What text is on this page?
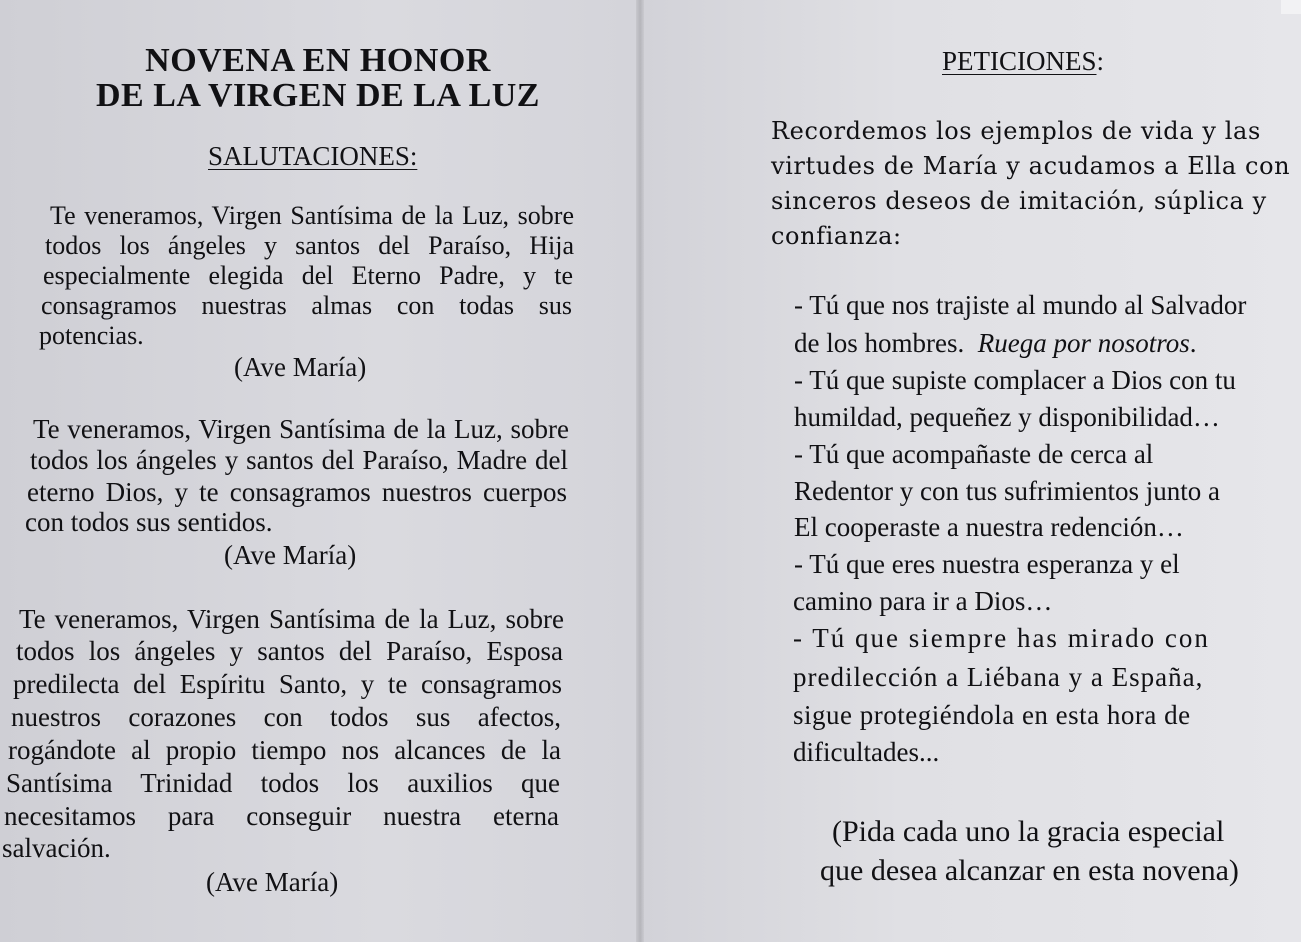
NOVENA EN HONOR
DE LA VIRGEN DE LA LUZ
SALUTACIONES:
Te veneramos, Virgen Santísima de la Luz, sobre
todos los ángeles y santos del Paraíso, Hija
especialmente elegida del Eterno Padre, y te
consagramos nuestras almas con todas sus
potencias.
(Ave María)
Te veneramos, Virgen Santísima de la Luz, sobre
todos los ángeles y santos del Paraíso, Madre del
eterno Dios, y te consagramos nuestros cuerpos
con todos sus sentidos.
(Ave María)
Te veneramos, Virgen Santísima de la Luz, sobre
todos los ángeles y santos del Paraíso, Esposa
predilecta del Espíritu Santo, y te consagramos
nuestros corazones con todos sus afectos,
rogándote al propio tiempo nos alcances de la
Santísima Trinidad todos los auxilios que
necesitamos para conseguir nuestra eterna
salvación.
(Ave María)
PETICIONES:
Recordemos los ejemplos de vida y las
virtudes de María y acudamos a Ella con
sinceros deseos de imitación, súplica y
confianza:
- Tú que nos trajiste al mundo al Salvador
de los hombres. Ruega por nosotros.
- Tú que supiste complacer a Dios con tu
humildad, pequeñez y disponibilidad…
- Tú que acompañaste de cerca al
Redentor y con tus sufrimientos junto a
El cooperaste a nuestra redención…
- Tú que eres nuestra esperanza y el
camino para ir a Dios…
- Tú que siempre has mirado con
predilección a Liébana y a España,
sigue protegiéndola en esta hora de
dificultades...
(Pida cada uno la gracia especial
que desea alcanzar en esta novena)
